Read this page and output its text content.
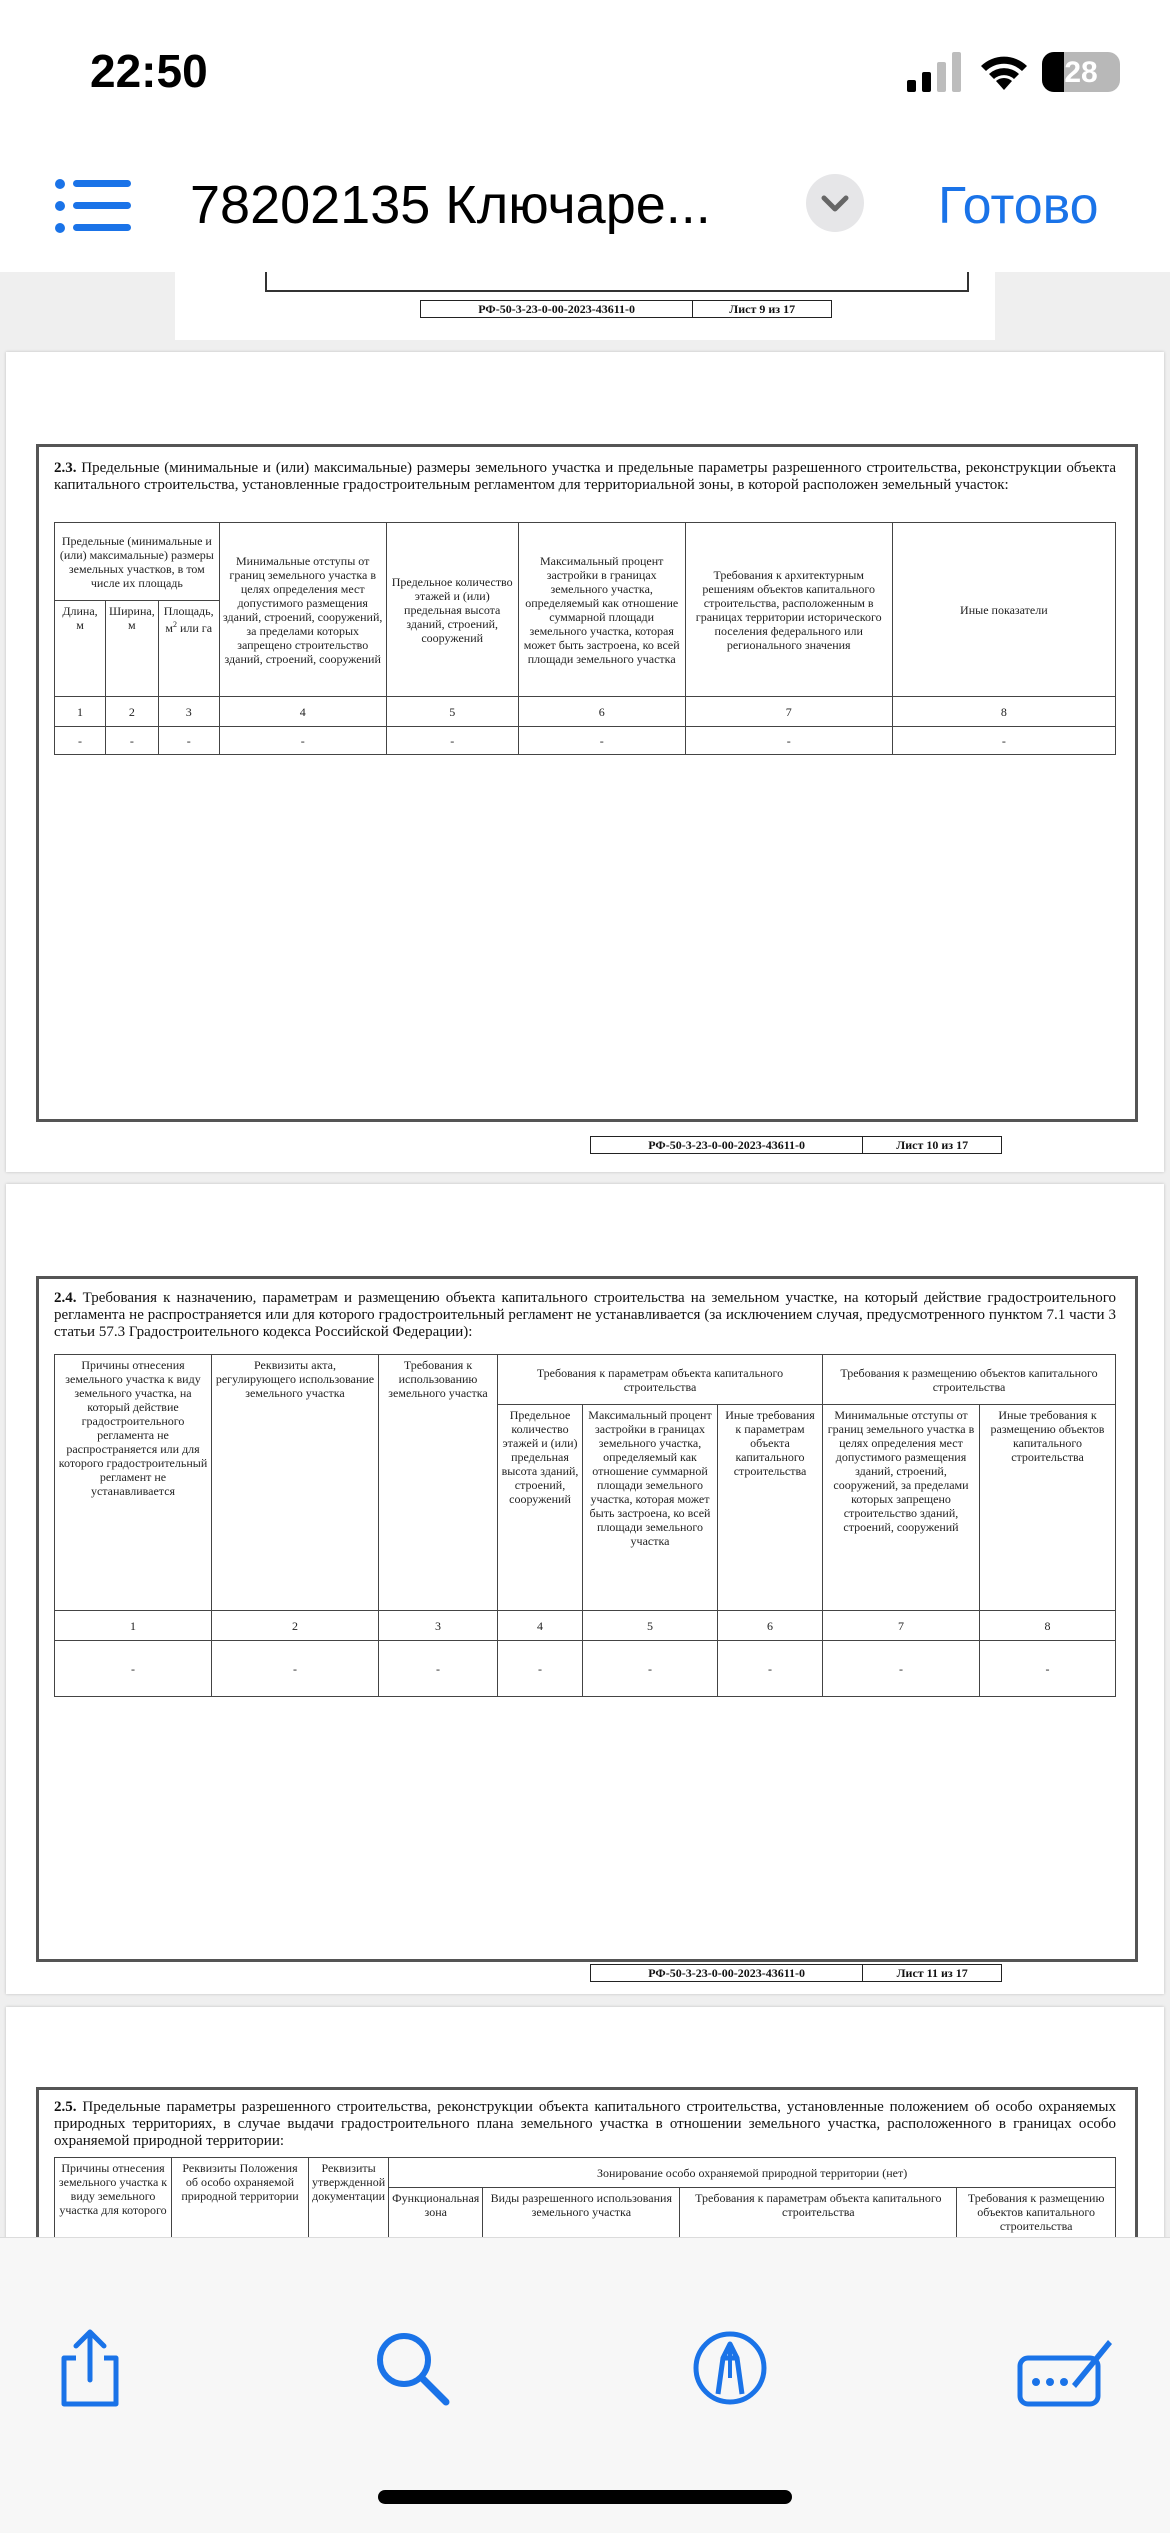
22:50	28
78202135 Ключаре...	Готово
РФ-50-3-23-0-00-2023-43611-0	Лист 9 из 17
2.3. Предельные (минимальные и (или) максимальные) размеры земельного участка и предельные параметры разрешенного строительства, реконструкции объекта капитального строительства, установленные градостроительным регламентом для территориальной зоны, в которой расположен земельный участок:
Предельные (минимальные и (или) максимальные) размеры земельных участков, в том числе их площадь			Минимальные отступы от границ земельного участка в целях определения мест допустимого размещения зданий, строений, сооружений, за пределами которых запрещено строительство зданий, строений, сооружений	Предельное количество этажей и (или) предельная высота зданий, строений, сооружений	Максимальный процент застройки в границах земельного участка, определяемый как отношение суммарной площади земельного участка, которая может быть застроена, ко всей площади земельного участка	Требования к архитектурным решениям объектов капитального строительства, расположенным в границах территории исторического поселения федерального или регионального значения	Иные показатели
Длина, м	Ширина, м	Площадь, $м^2$ или га					
1	2	3	4	5	6	7	8
-	-	-	-	-	-	-	-
РФ-50-3-23-0-00-2023-43611-0	Лист 10 из 17
2.4. Требования к назначению, параметрам и размещению объекта капитального строительства на земельном участке, на который действие градостроительного регламента не распространяется или для которого градостроительный регламент не устанавливается (за исключением случая, предусмотренного пунктом 7.1 части 3 статьи 57.3 Градостроительного кодекса Российской Федерации):
Причины отнесения земельного участка к виду земельного участка, на который действие градостроительного регламента не распространяется или для которого градостроительный регламент не устанавливается	Реквизиты акта, регулирующего использование земельного участка	Требования к использованию земельного участка	Требования к параметрам объекта капитального строительства			Требования к размещению объектов капитального строительства	
			Предельное количество этажей и (или) предельная высота зданий, строений, сооружений	Максимальный процент застройки в границах земельного участка, определяемый как отношение суммарной площади земельного участка, которая может быть застроена, ко всей площади земельного участка	Иные требования к параметрам объекта капитального строительства	Минимальные отступы от границ земельного участка в целях определения мест допустимого размещения зданий, строений, сооружений, за пределами которых запрещено строительство зданий, строений, сооружений	Иные требования к размещению объектов капитального строительства
1	2	3	4	5	6	7	8
-	-	-	-	-	-	-	-
РФ-50-3-23-0-00-2023-43611-0	Лист 11 из 17
2.5. Предельные параметры разрешенного строительства, реконструкции объекта капитального строительства, установленные положением об особо охраняемых природных территориях, в случае выдачи градостроительного плана земельного участка в отношении земельного участка, расположенного в границах особо охраняемой природной территории:
Причины отнесения земельного участка к виду земельного участка для которого	Реквизиты Положения об особо охраняемой природной территории	Реквизиты утвержденной документации	Зонирование особо охраняемой природной территории (нет)			
			Функциональная зона	Виды разрешенного использования земельного участка	Требования к параметрам объекта капитального строительства	Требования к размещению объектов капитального строительства
